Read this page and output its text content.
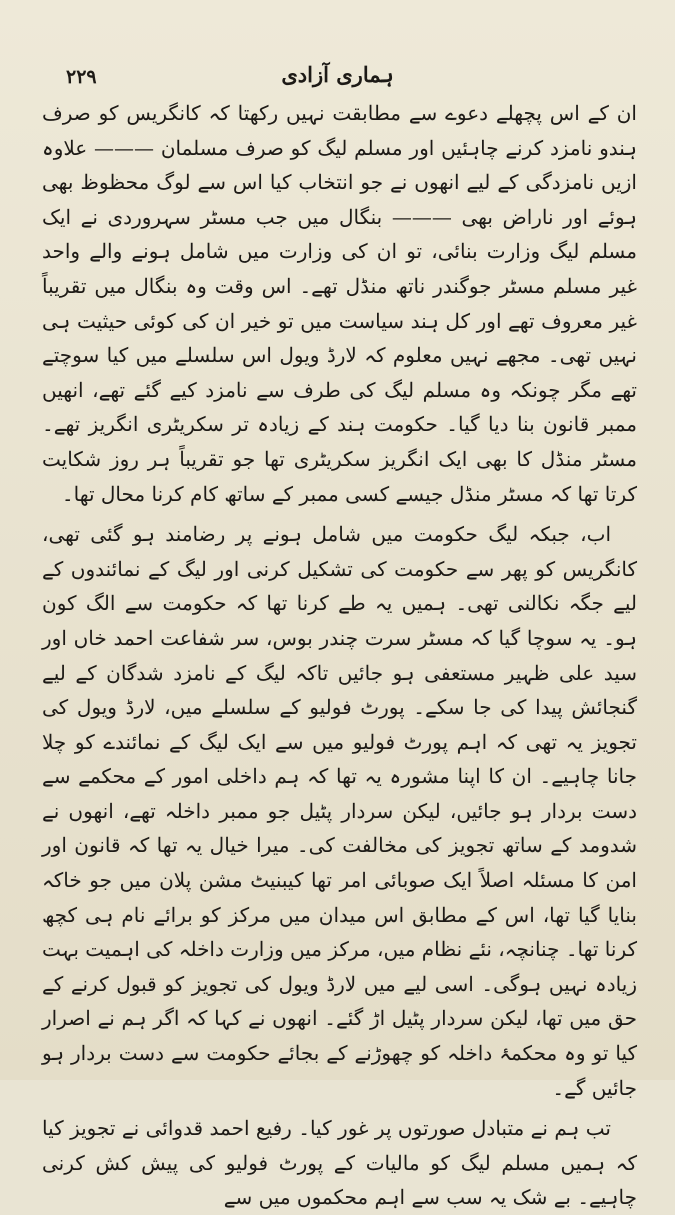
۲۲۹	ہماری آزادی

ان کے اس پچھلے دعوے سے مطابقت نہیں رکھتا کہ کانگریس کو صرف ہندو نامزد کرنے چاہئیں اور مسلم لیگ کو صرف مسلمان ——— علاوہ ازیں نامزدگی کے لیے انھوں نے جو انتخاب کیا اس سے لوگ محظوظ بھی ہوئے اور ناراض بھی ——— بنگال میں جب مسٹر سہروردی نے ایک مسلم لیگ وزارت بنائی، تو ان کی وزارت میں شامل ہونے والے واحد غیر مسلم مسٹر جوگندر ناتھ منڈل تھے۔ اس وقت وہ بنگال میں تقریباً غیر معروف تھے اور کل ہند سیاست میں تو خیر ان کی کوئی حیثیت ہی نہیں تھی۔ مجھے نہیں معلوم کہ لارڈ ویول اس سلسلے میں کیا سوچتے تھے مگر چونکہ وہ مسلم لیگ کی طرف سے نامزد کیے گئے تھے، انھیں ممبر قانون بنا دیا گیا۔ حکومت ہند کے زیادہ تر سکریٹری انگریز تھے۔ مسٹر منڈل کا بھی ایک انگریز سکریٹری تھا جو تقریباً ہر روز شکایت کرتا تھا کہ مسٹر منڈل جیسے کسی ممبر کے ساتھ کام کرنا محال تھا۔

اب، جبکہ لیگ حکومت میں شامل ہونے پر رضامند ہو گئی تھی، کانگریس کو پھر سے حکومت کی تشکیل کرنی اور لیگ کے نمائندوں کے لیے جگہ نکالنی تھی۔ ہمیں یہ طے کرنا تھا کہ حکومت سے الگ کون ہو۔ یہ سوچا گیا کہ مسٹر سرت چندر بوس، سر شفاعت احمد خاں اور سید علی ظہیر مستعفی ہو جائیں تاکہ لیگ کے نامزد شدگان کے لیے گنجائش پیدا کی جا سکے۔ پورٹ فولیو کے سلسلے میں، لارڈ ویول کی تجویز یہ تھی کہ اہم پورٹ فولیو میں سے ایک لیگ کے نمائندے کو چلا جانا چاہیے۔ ان کا اپنا مشورہ یہ تھا کہ ہم داخلی امور کے محکمے سے دست بردار ہو جائیں، لیکن سردار پٹیل جو ممبر داخلہ تھے، انھوں نے شدومد کے ساتھ تجویز کی مخالفت کی۔ میرا خیال یہ تھا کہ قانون اور امن کا مسئلہ اصلاً ایک صوبائی امر تھا کیبنیٹ مشن پلان میں جو خاکہ بنایا گیا تھا، اس کے مطابق اس میدان میں مرکز کو برائے نام ہی کچھ کرنا تھا۔ چنانچہ، نئے نظام میں، مرکز میں وزارت داخلہ کی اہمیت بہت زیادہ نہیں ہوگی۔ اسی لیے میں لارڈ ویول کی تجویز کو قبول کرنے کے حق میں تھا، لیکن سردار پٹیل اڑ گئے۔ انھوں نے کہا کہ اگر ہم نے اصرار کیا تو وہ محکمۂ داخلہ کو چھوڑنے کے بجائے حکومت سے دست بردار ہو جائیں گے۔

تب ہم نے متبادل صورتوں پر غور کیا۔ رفیع احمد قدوائی نے تجویز کیا کہ ہمیں مسلم لیگ کو مالیات کے پورٹ فولیو کی پیش کش کرنی چاہیے۔ بے شک یہ سب سے اہم محکموں میں سے
